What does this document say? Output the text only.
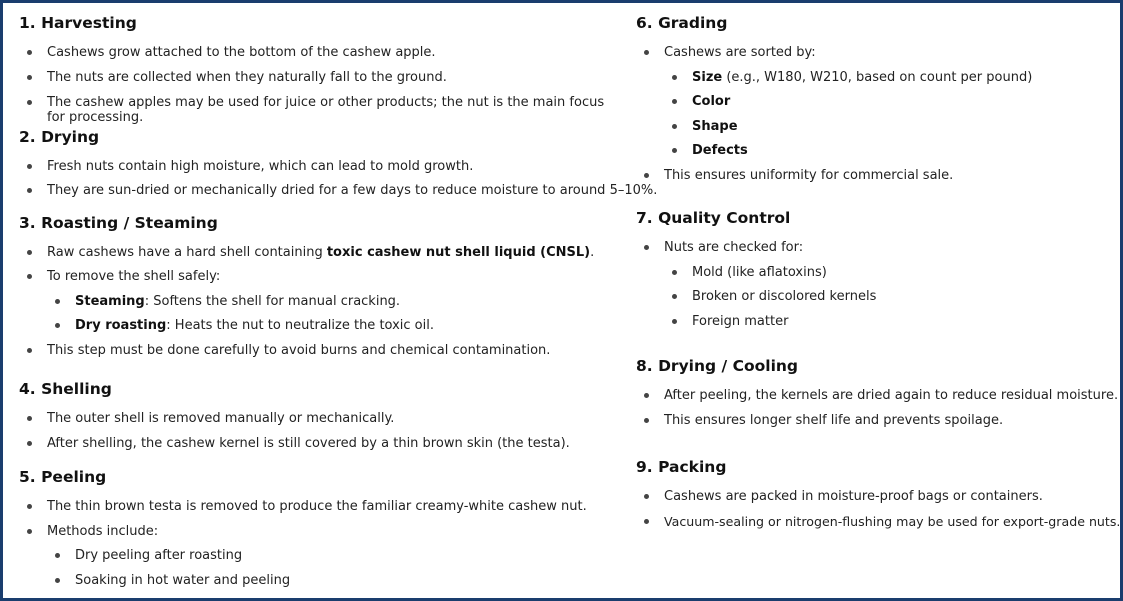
1. Harvesting

Cashews grow attached to the bottom of the cashew apple.

The nuts are collected when they naturally fall to the ground.

The cashew apples may be used for juice or other products; the nut is the main focus for processing.

2. Drying

Fresh nuts contain high moisture, which can lead to mold growth.

They are sun-dried or mechanically dried for a few days to reduce moisture to around 5–10%.

3. Roasting / Steaming

Raw cashews have a hard shell containing toxic cashew nut shell liquid (CNSL).

To remove the shell safely:

Steaming: Softens the shell for manual cracking.

Dry roasting: Heats the nut to neutralize the toxic oil.

This step must be done carefully to avoid burns and chemical contamination.

4. Shelling

The outer shell is removed manually or mechanically.

After shelling, the cashew kernel is still covered by a thin brown skin (the testa).

5. Peeling

The thin brown testa is removed to produce the familiar creamy-white cashew nut.

Methods include:

Dry peeling after roasting

Soaking in hot water and peeling

6. Grading

Cashews are sorted by:

Size (e.g., W180, W210, based on count per pound)

Color

Shape

Defects

This ensures uniformity for commercial sale.

7. Quality Control

Nuts are checked for:

Mold (like aflatoxins)

Broken or discolored kernels

Foreign matter

8. Drying / Cooling

After peeling, the kernels are dried again to reduce residual moisture.

This ensures longer shelf life and prevents spoilage.

9. Packing

Cashews are packed in moisture-proof bags or containers.

Vacuum-sealing or nitrogen-flushing may be used for export-grade nuts.
